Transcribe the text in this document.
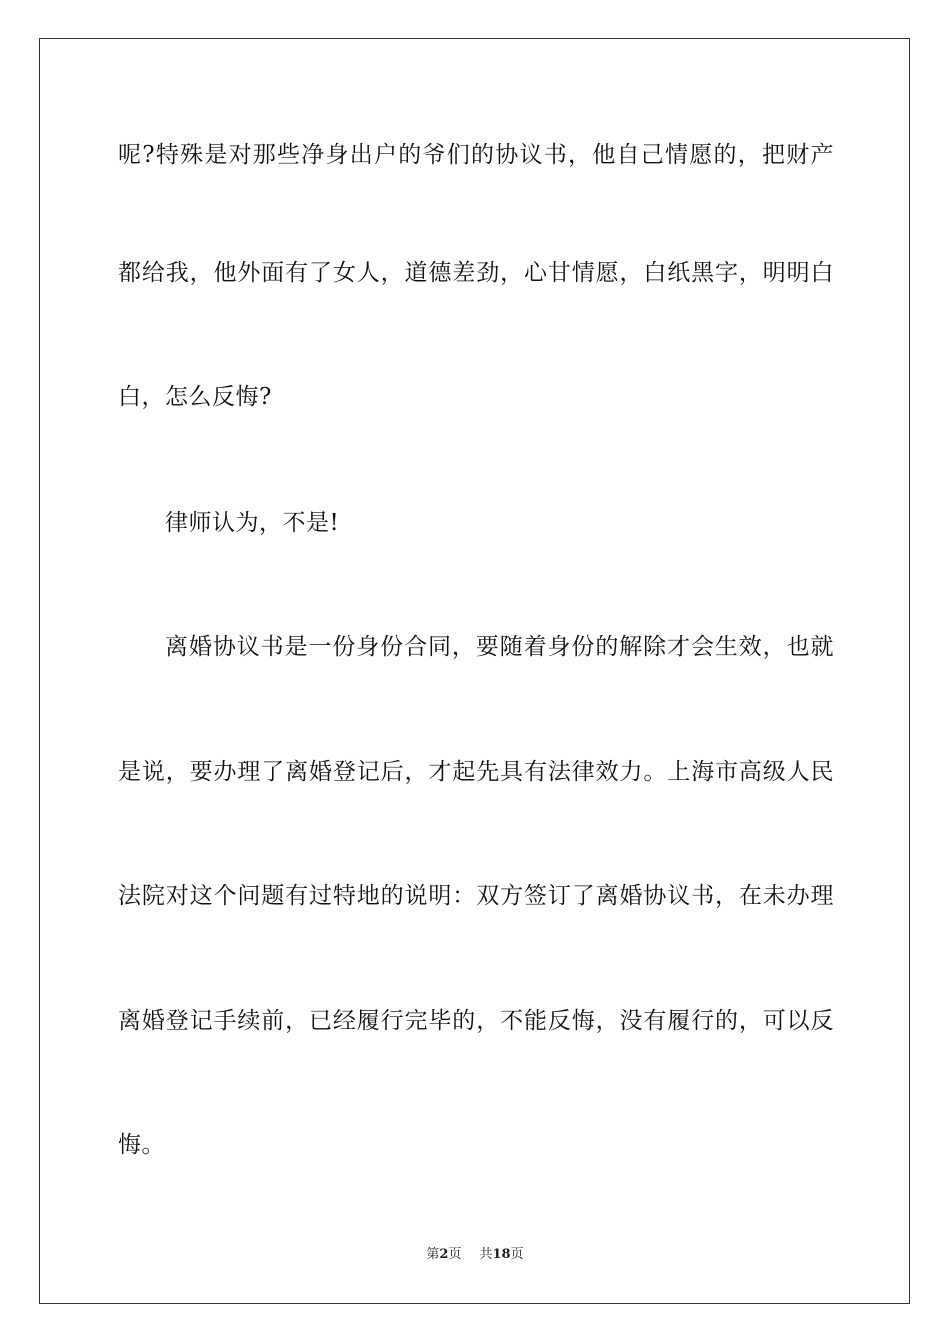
呢?特殊是对那些净身出户的爷们的协议书，他自己情愿的，把财产
都给我，他外面有了女人，道德差劲，心甘情愿，白纸黑字，明明白
白，怎么反悔?
律师认为，不是!
离婚协议书是一份身份合同，要随着身份的解除才会生效，也就
是说，要办理了离婚登记后，才起先具有法律效力。上海市高级人民
法院对这个问题有过特地的说明：双方签订了离婚协议书，在未办理
离婚登记手续前，已经履行完毕的，不能反悔，没有履行的，可以反
悔。
第2页 共18页
